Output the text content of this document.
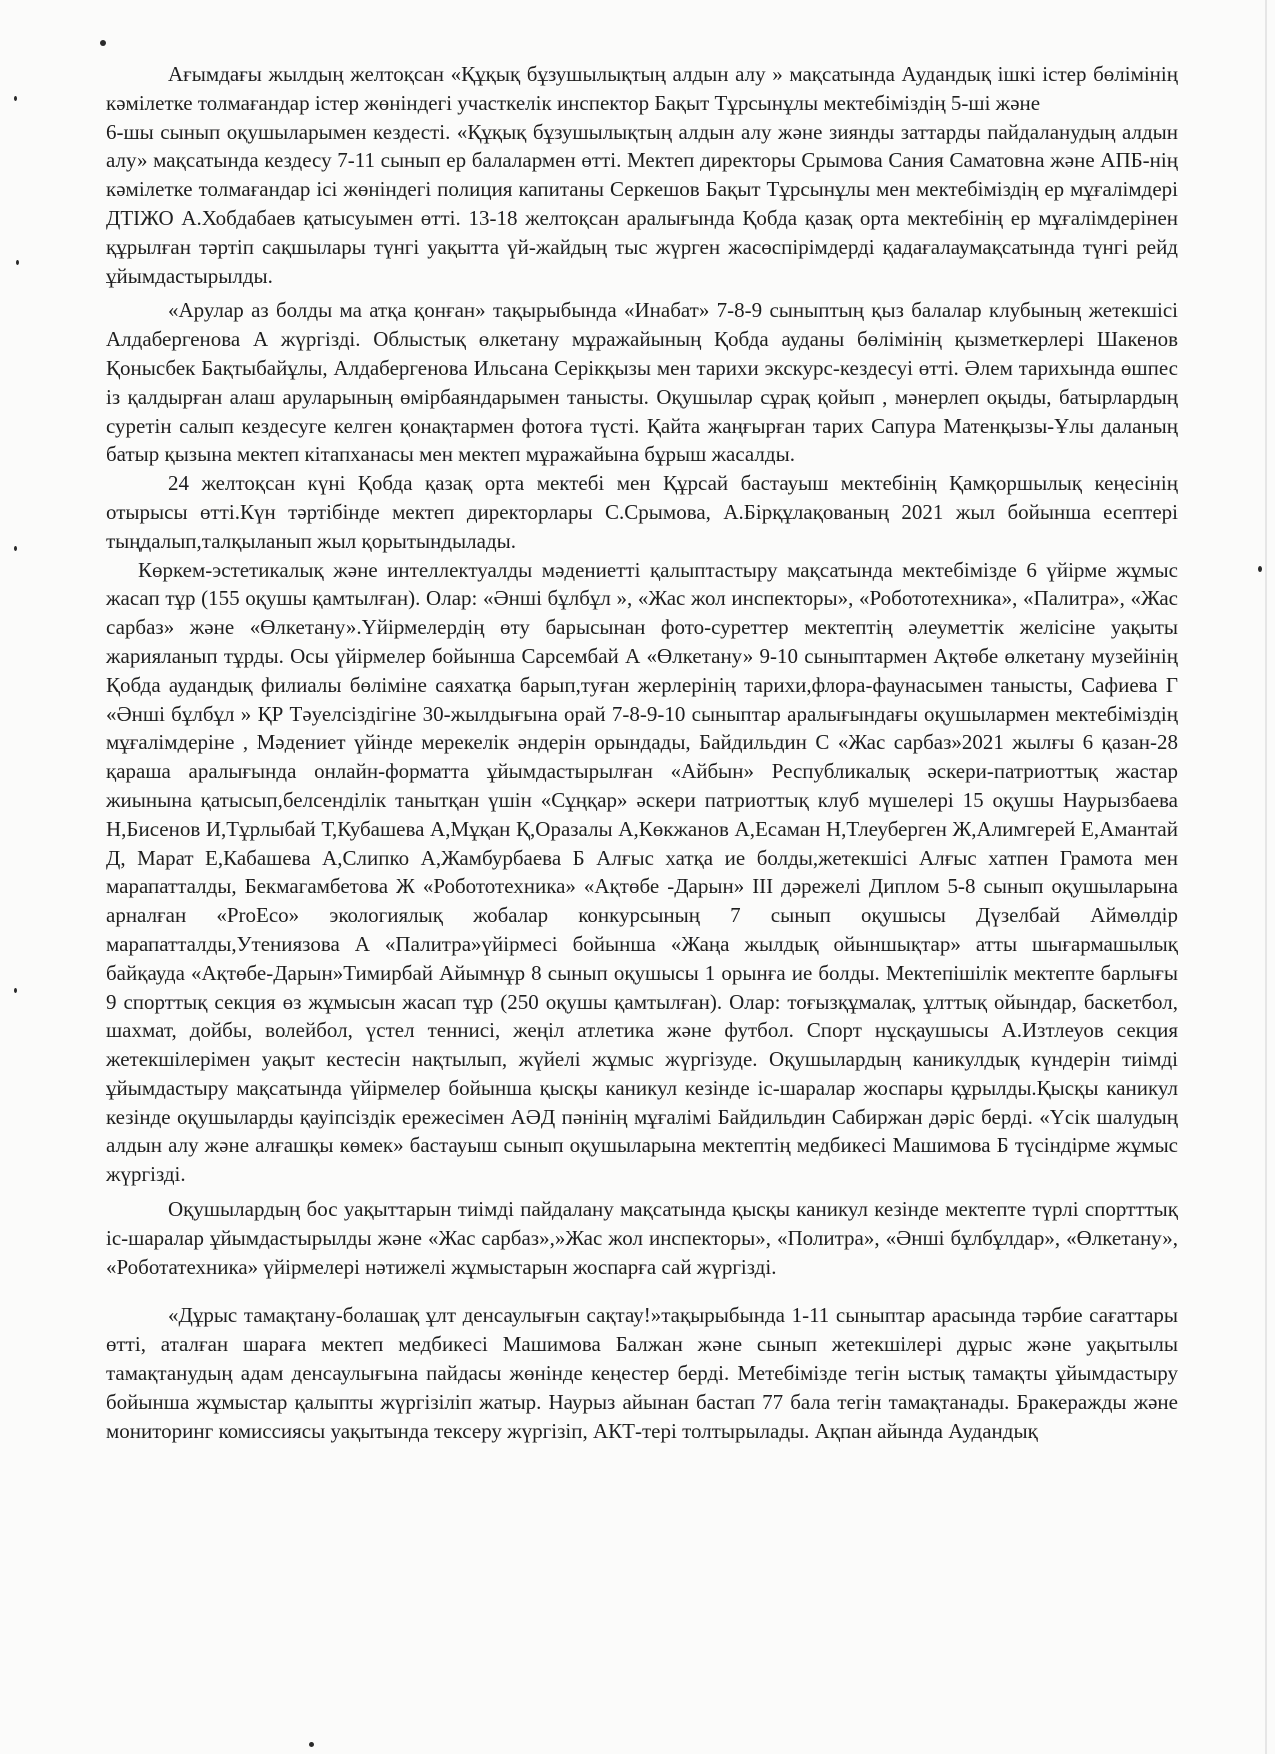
Ағымдағы жылдың желтоқсан «Құқық бұзушылықтың алдын алу » мақсатында Аудандық ішкі істер бөлімінің кәмілетке толмағандар істер жөніндегі участкелік инспектор Бақыт Тұрсынұлы мектебіміздің 5-ші және

6-шы сынып оқушыларымен кездесті. «Құқық бұзушылықтың алдын алу және зиянды заттарды пайдаланудың алдын алу» мақсатында кездесу 7-11 сынып ер балалармен өтті. Мектеп директоры Срымова Сания Саматовна және АПБ-нің кәмілетке толмағандар ісі жөніндегі полиция капитаны Серкешов Бақыт Тұрсынұлы мен мектебіміздің ер мұғалімдері ДТІЖО А.Хобдабаев қатысуымен өтті. 13-18 желтоқсан аралығында Қобда қазақ орта мектебінің ер мұғалімдерінен құрылған тәртіп сақшылары түнгі уақытта үй-жайдың тыс жүрген жасөспірімдерді қадағалаумақсатында түнгі рейд ұйымдастырылды.

«Арулар аз болды ма атқа қонған» тақырыбында «Инабат» 7-8-9 сыныптың қыз балалар клубының жетекшісі Алдабергенова А жүргізді. Облыстық өлкетану мұражайының Қобда ауданы бөлімінің қызметкерлері Шакенов Қонысбек Бақтыбайұлы, Алдабергенова Ильсана Серікқызы мен тарихи экскурс-кездесуі өтті. Әлем тарихында өшпес із қалдырған алаш аруларының өмірбаяндарымен танысты. Оқушылар сұрақ қойып , мәнерлеп оқыды, батырлардың суретін салып кездесуге келген қонақтармен фотоға түсті. Қайта жаңғырған тарих Сапура Матенқызы-Ұлы даланың батыр қызына мектеп кітапханасы мен мектеп мұражайына бұрыш жасалды.

24 желтоқсан күні Қобда қазақ орта мектебі мен Құрсай бастауыш мектебінің Қамқоршылық кеңесінің отырысы өтті.Күн тәртібінде мектеп директорлары С.Срымова, А.Бірқұлақованың 2021 жыл бойынша есептері тыңдалып,талқыланып жыл қорытындылады.

Көркем-эстетикалық және интеллектуалды мәдениетті қалыптастыру мақсатында мектебімізде 6 үйірме жұмыс жасап тұр (155 оқушы қамтылған). Олар: «Әнші бұлбұл », «Жас жол инспекторы», «Робототехника», «Палитра», «Жас сарбаз» және «Өлкетану».Үйірмелердің өту барысынан фото-суреттер мектептің әлеуметтік желісіне уақыты жарияланып тұрды. Осы үйірмелер бойынша Сарсембай А «Өлкетану» 9-10 сыныптармен Ақтөбе өлкетану музейінің Қобда аудандық филиалы бөліміне саяхатқа барып,туған жерлерінің тарихи,флора-фаунасымен танысты, Сафиева Г «Әнші бұлбұл » ҚР Тәуелсіздігіне 30-жылдығына орай 7-8-9-10 сыныптар аралығындағы оқушылармен мектебіміздің мұғалімдеріне , Мәдениет үйінде мерекелік әндерін орындады, Байдильдин С «Жас сарбаз»2021 жылғы 6 қазан-28 қараша аралығында онлайн-форматта ұйымдастырылған «Айбын» Республикалық әскери-патриоттық жастар жиынына қатысып,белсенділік танытқан үшін «Сұңқар» әскери патриоттық клуб мүшелері 15 оқушы Наурызбаева Н,Бисенов И,Тұрлыбай Т,Кубашева А,Мұқан Қ,Оразалы А,Көкжанов А,Есаман Н,Тлеуберген Ж,Алимгерей Е,Амантай Д, Марат Е,Кабашева А,Слипко А,Жамбурбаева Б Алғыс хатқа ие болды,жетекшісі Алғыс хатпен Грамота мен марапатталды, Бекмагамбетова Ж «Робототехника» «Ақтөбе -Дарын» ІІІ дәрежелі Диплом 5-8 сынып оқушыларына арналған «ProEco» экологиялық жобалар конкурсының 7 сынып оқушысы Дүзелбай Аймөлдір марапатталды,Утениязова А «Палитра»үйірмесі бойынша «Жаңа жылдық ойыншықтар» атты шығармашылық байқауда «Ақтөбе-Дарын»Тимирбай Айымнұр 8 сынып оқушысы 1 орынға ие болды. Мектепішілік мектепте барлығы 9 спорттық секция өз жұмысын жасап тұр (250 оқушы қамтылған). Олар: тоғызқұмалақ, ұлттық ойындар, баскетбол, шахмат, дойбы, волейбол, үстел теннисі, жеңіл атлетика және футбол. Спорт нұсқаушысы А.Изтлеуов секция жетекшілерімен уақыт кестесін нақтылып, жүйелі жұмыс жүргізуде. Оқушылардың каникулдық күндерін тиімді ұйымдастыру мақсатында үйірмелер бойынша қысқы каникул кезінде іс-шаралар жоспары құрылды.Қысқы каникул кезінде оқушыларды қауіпсіздік ережесімен АӘД пәнінің мұғалімі Байдильдин Сабиржан дәріс берді. «Үсік шалудың алдын алу және алғашқы көмек» бастауыш сынып оқушыларына мектептің медбикесі Машимова Б түсіндірме жұмыс жүргізді.

Оқушылардың бос уақыттарын тиімді пайдалану мақсатында қысқы каникул кезінде мектепте түрлі спортттық іс-шаралар ұйымдастырылды және «Жас сарбаз»,»Жас жол инспекторы», «Политра», «Әнші бұлбұлдар», «Өлкетану», «Роботатехника» үйірмелері нәтижелі жұмыстарын жоспарға сай жүргізді.

«Дұрыс тамақтану-болашақ ұлт денсаулығын сақтау!»тақырыбында 1-11 сыныптар арасында тәрбие сағаттары өтті, аталған шараға мектеп медбикесі Машимова Балжан және сынып жетекшілері дұрыс және уақытылы тамақтанудың адам денсаулығына пайдасы жөнінде кеңестер берді. Метебімізде тегін ыстық тамақты ұйымдастыру бойынша жұмыстар қалыпты жүргізіліп жатыр. Наурыз айынан бастап 77 бала тегін тамақтанады. Бракеражды және мониторинг комиссиясы уақытында тексеру жүргізіп, АКТ-тері толтырылады. Ақпан айында Аудандық
